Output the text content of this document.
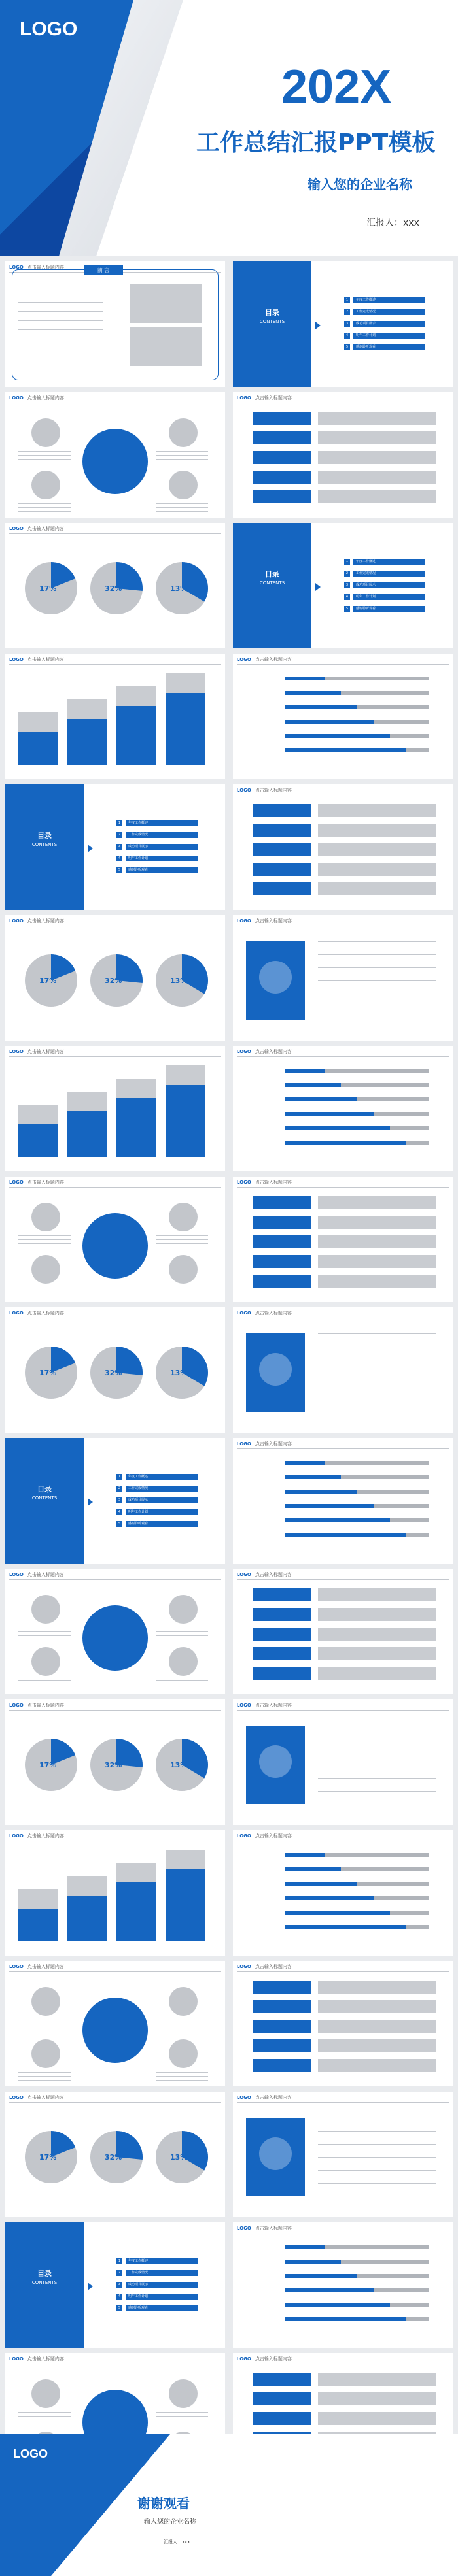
LOGO
202X
工作总结汇报PPT模板
输入您的企业名称
汇报人：xxx
LOGO 点击输入标题内容	前 言
目录
CONTENTS
1	年度工作概述
2	工作完成情况
3	成功项目展示
4	明年工作计划
5	感谢聆听观看
LOGO 点击输入标题内容	LOGO 点击输入标题内容
LOGO 点击输入标题内容
17%	32%	13%
目录
CONTENTS
1	年度工作概述
2	工作完成情况
3	成功项目展示
4	明年工作计划
5	感谢聆听观看
LOGO 点击输入标题内容	LOGO 点击输入标题内容
目录
CONTENTS
1	年度工作概述
2	工作完成情况
3	成功项目展示
4	明年工作计划
5	感谢聆听观看
LOGO 点击输入标题内容
LOGO 点击输入标题内容
17%	32%	13%
LOGO 点击输入标题内容
LOGO 点击输入标题内容	LOGO 点击输入标题内容
LOGO 点击输入标题内容	LOGO 点击输入标题内容
LOGO 点击输入标题内容
17%	32%	13%
LOGO 点击输入标题内容
目录
CONTENTS
1	年度工作概述
2	工作完成情况
3	成功项目展示
4	明年工作计划
5	感谢聆听观看
LOGO 点击输入标题内容
LOGO 点击输入标题内容	LOGO 点击输入标题内容
LOGO 点击输入标题内容
17%	32%	13%
LOGO 点击输入标题内容
LOGO 点击输入标题内容	LOGO 点击输入标题内容
LOGO 点击输入标题内容	LOGO 点击输入标题内容
LOGO 点击输入标题内容
17%	32%	13%
LOGO 点击输入标题内容
目录
CONTENTS
1	年度工作概述
2	工作完成情况
3	成功项目展示
4	明年工作计划
5	感谢聆听观看
LOGO 点击输入标题内容
LOGO 点击输入标题内容	LOGO 点击输入标题内容
LOGO
谢谢观看
输入您的企业名称
汇报人：xxx
